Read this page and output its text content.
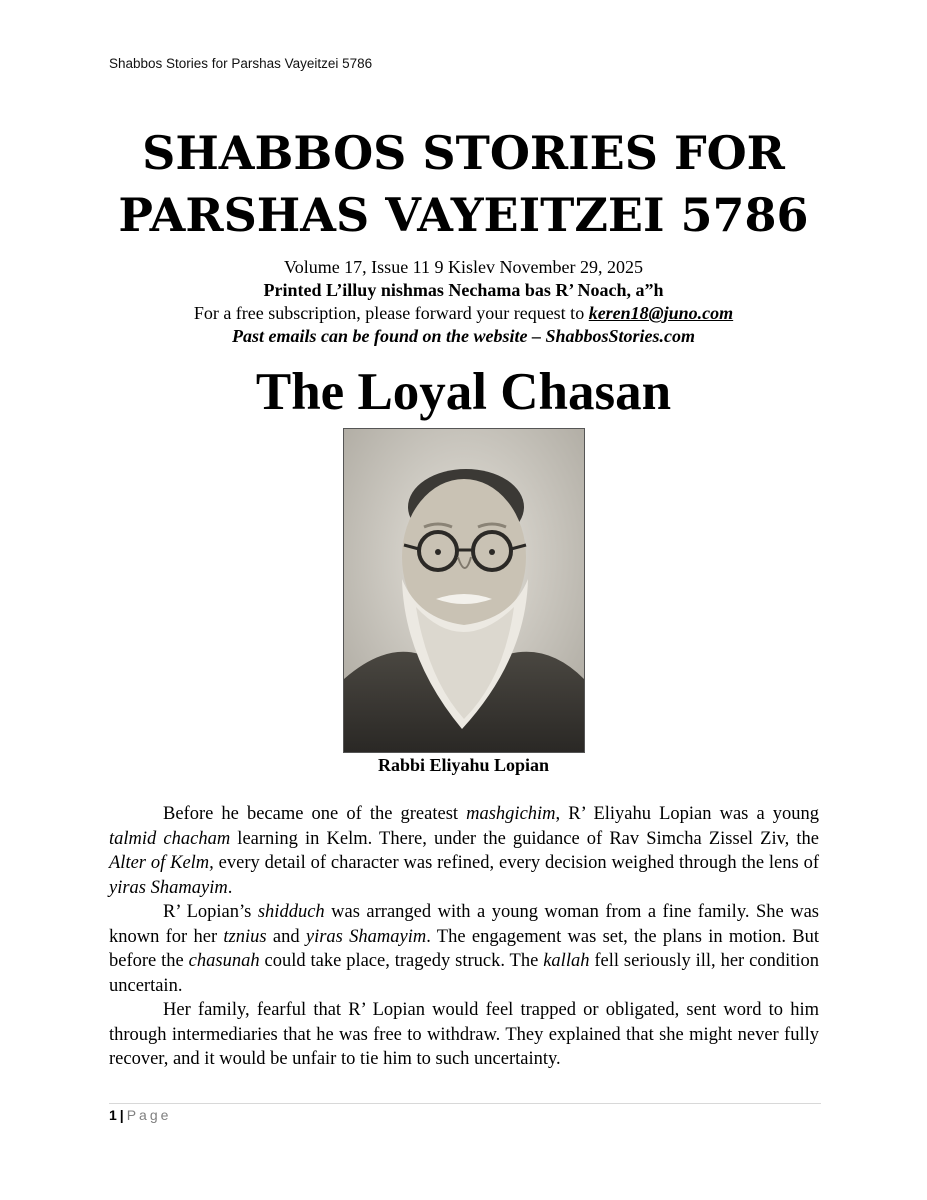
Shabbos Stories for Parshas Vayeitzei 5786
SHABBOS STORIES FOR
PARSHAS VAYEITZEI 5786
Volume 17, Issue 11 9 Kislev November 29, 2025
Printed L’illuy nishmas Nechama bas R’ Noach, a”h
For a free subscription, please forward your request to keren18@juno.com
Past emails can be found on the website – ShabbosStories.com
The Loyal Chasan
Rabbi Eliyahu Lopian

Before he became one of the greatest mashgichim, R’ Eliyahu Lopian was a young talmid chacham learning in Kelm. There, under the guidance of Rav Simcha Zissel Ziv, the Alter of Kelm, every detail of character was refined, every decision weighed through the lens of yiras Shamayim.

R’ Lopian’s shidduch was arranged with a young woman from a fine family. She was known for her tznius and yiras Shamayim. The engagement was set, the plans in motion. But before the chasunah could take place, tragedy struck. The kallah fell seriously ill, her condition uncertain.

Her family, fearful that R’ Lopian would feel trapped or obligated, sent word to him through intermediaries that he was free to withdraw. They explained that she might never fully recover, and it would be unfair to tie him to such uncertainty.

1 | Page
